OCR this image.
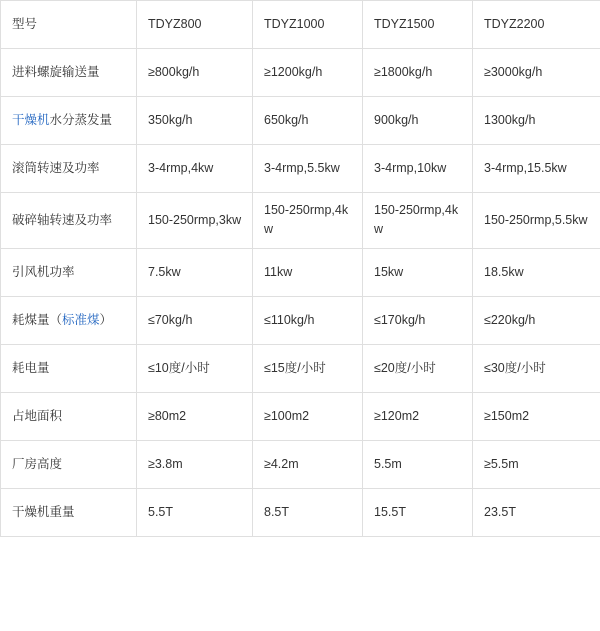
型号	TDYZ800	TDYZ1000	TDYZ1500	TDYZ2200
进料螺旋输送量	≥800kg/h	≥1200kg/h	≥1800kg/h	≥3000kg/h
干燥机水分蒸发量	350kg/h	650kg/h	900kg/h	1300kg/h
滚筒转速及功率	3-4rmp,4kw	3-4rmp,5.5kw	3-4rmp,10kw	3-4rmp,15.5kw
破碎轴转速及功率	150-250rmp,3kw	150-250rmp,4kw	150-250rmp,4kw	150-250rmp,5.5kw
引风机功率	7.5kw	11kw	15kw	18.5kw
耗煤量（标准煤）	≤70kg/h	≤110kg/h	≤170kg/h	≤220kg/h
耗电量	≤10度/小时	≤15度/小时	≤20度/小时	≤30度/小时
占地面积	≥80m2	≥100m2	≥120m2	≥150m2
厂房高度	≥3.8m	≥4.2m	5.5m	≥5.5m
干燥机重量	5.5T	8.5T	15.5T	23.5T
